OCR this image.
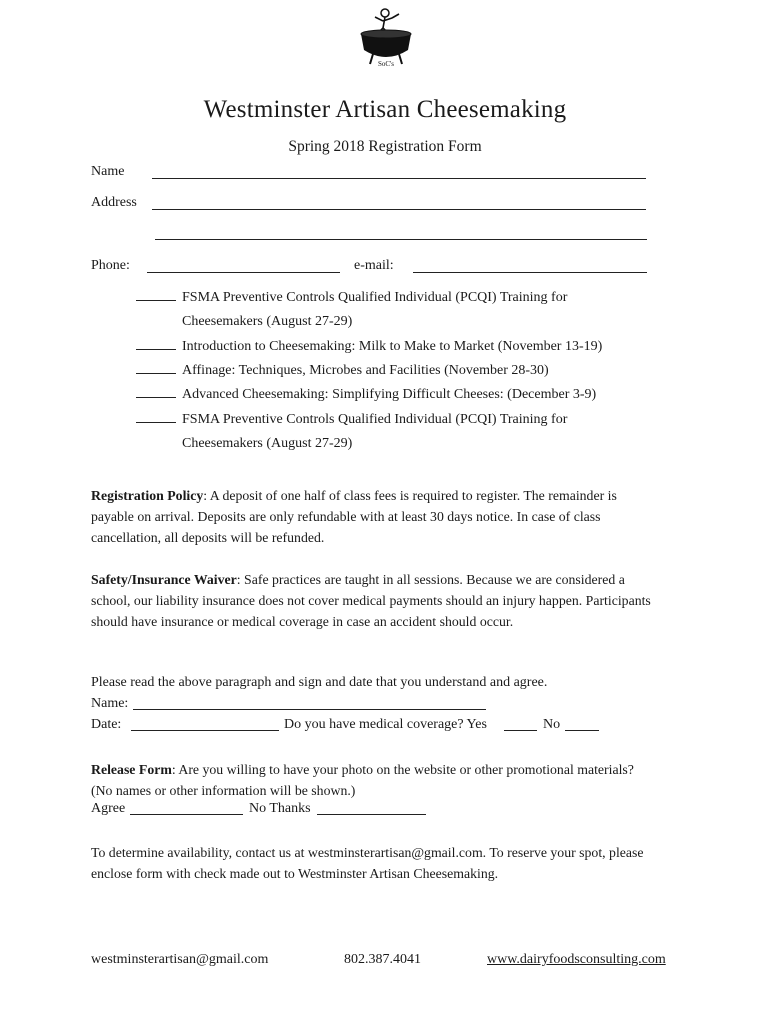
SoC's
Westminster Artisan Cheesemaking
Spring 2018 Registration Form
Name
Address
Phone:	e-mail:
FSMA Preventive Controls Qualified Individual (PCQI) Training for
Cheesemakers (August 27-29)
Introduction to Cheesemaking: Milk to Make to Market (November 13-19)
Affinage: Techniques, Microbes and Facilities (November 28-30)
Advanced Cheesemaking: Simplifying Difficult Cheeses: (December 3-9)
FSMA Preventive Controls Qualified Individual (PCQI) Training for
Cheesemakers (August 27-29)
Registration Policy: A deposit of one half of class fees is required to register. The remainder is payable on arrival. Deposits are only refundable with at least 30 days notice. In case of class cancellation, all deposits will be refunded.
Safety/Insurance Waiver: Safe practices are taught in all sessions. Because we are considered a school, our liability insurance does not cover medical payments should an injury happen. Participants should have insurance or medical coverage in case an accident should occur.
Please read the above paragraph and sign and date that you understand and agree.
Name:
Date:	Do you have medical coverage? Yes	No
Release Form: Are you willing to have your photo on the website or other promotional materials? (No names or other information will be shown.)
Agree	No Thanks
To determine availability, contact us at westminsterartisan@gmail.com. To reserve your spot, please enclose form with check made out to Westminster Artisan Cheesemaking.
westminsterartisan@gmail.com	802.387.4041	www.dairyfoodsconsulting.com
